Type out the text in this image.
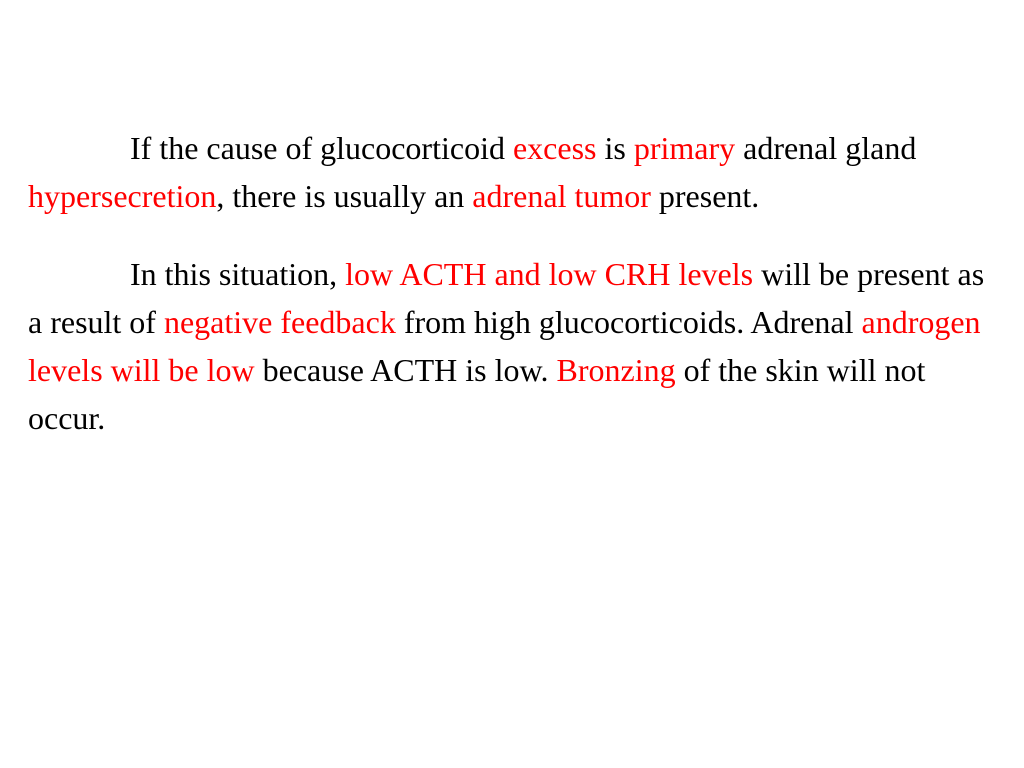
If the cause of glucocorticoid excess is primary adrenal gland hypersecretion, there is usually an adrenal tumor present.

In this situation, low ACTH and low CRH levels will be present as a result of negative feedback from high glucocorticoids. Adrenal androgen levels will be low because ACTH is low. Bronzing of the skin will not occur.
